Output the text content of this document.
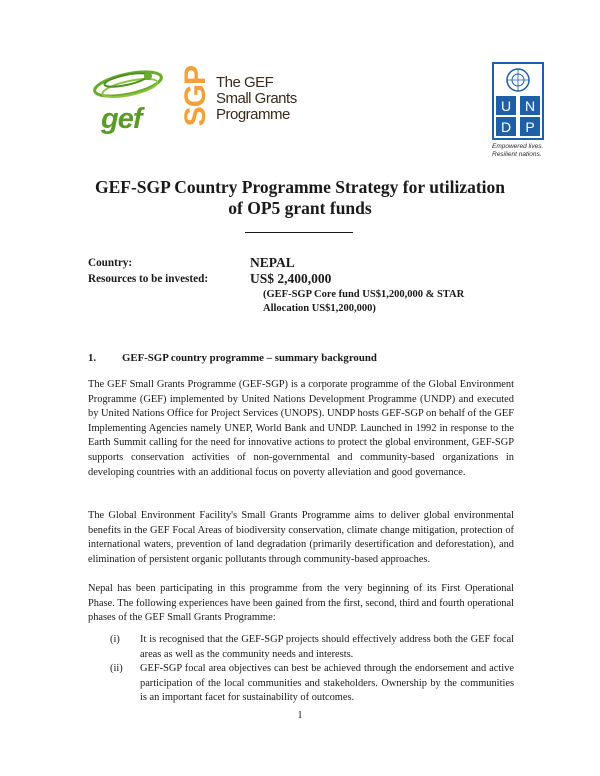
gef SGP The GEF
Small Grants
Programme	U N
D P
Empowered lives.
Resilient nations.
GEF-SGP Country Programme Strategy for utilization
of OP5 grant funds
Country:	NEPAL
Resources to be invested:	US$ 2,400,000
(GEF-SGP Core fund US$1,200,000 & STAR
Allocation US$1,200,000)
1. GEF-SGP country programme – summary background
The GEF Small Grants Programme (GEF-SGP) is a corporate programme of the Global Environment Programme (GEF) implemented by United Nations Development Programme (UNDP) and executed by United Nations Office for Project Services (UNOPS). UNDP hosts GEF-SGP on behalf of the GEF Implementing Agencies namely UNEP, World Bank and UNDP. Launched in 1992 in response to the Earth Summit calling for the need for innovative actions to protect the global environment, GEF-SGP supports conservation activities of non-governmental and community-based organizations in developing countries with an additional focus on poverty alleviation and good governance.
The Global Environment Facility's Small Grants Programme aims to deliver global environmental benefits in the GEF Focal Areas of biodiversity conservation, climate change mitigation, protection of international waters, prevention of land degradation (primarily desertification and deforestation), and elimination of persistent organic pollutants through community-based approaches.
Nepal has been participating in this programme from the very beginning of its First Operational Phase. The following experiences have been gained from the first, second, third and fourth operational phases of the GEF Small Grants Programme:
(i) It is recognised that the GEF-SGP projects should effectively address both the GEF focal areas as well as the community needs and interests.
(ii) GEF-SGP focal area objectives can best be achieved through the endorsement and active participation of the local communities and stakeholders. Ownership by the communities is an important facet for sustainability of outcomes.
1
